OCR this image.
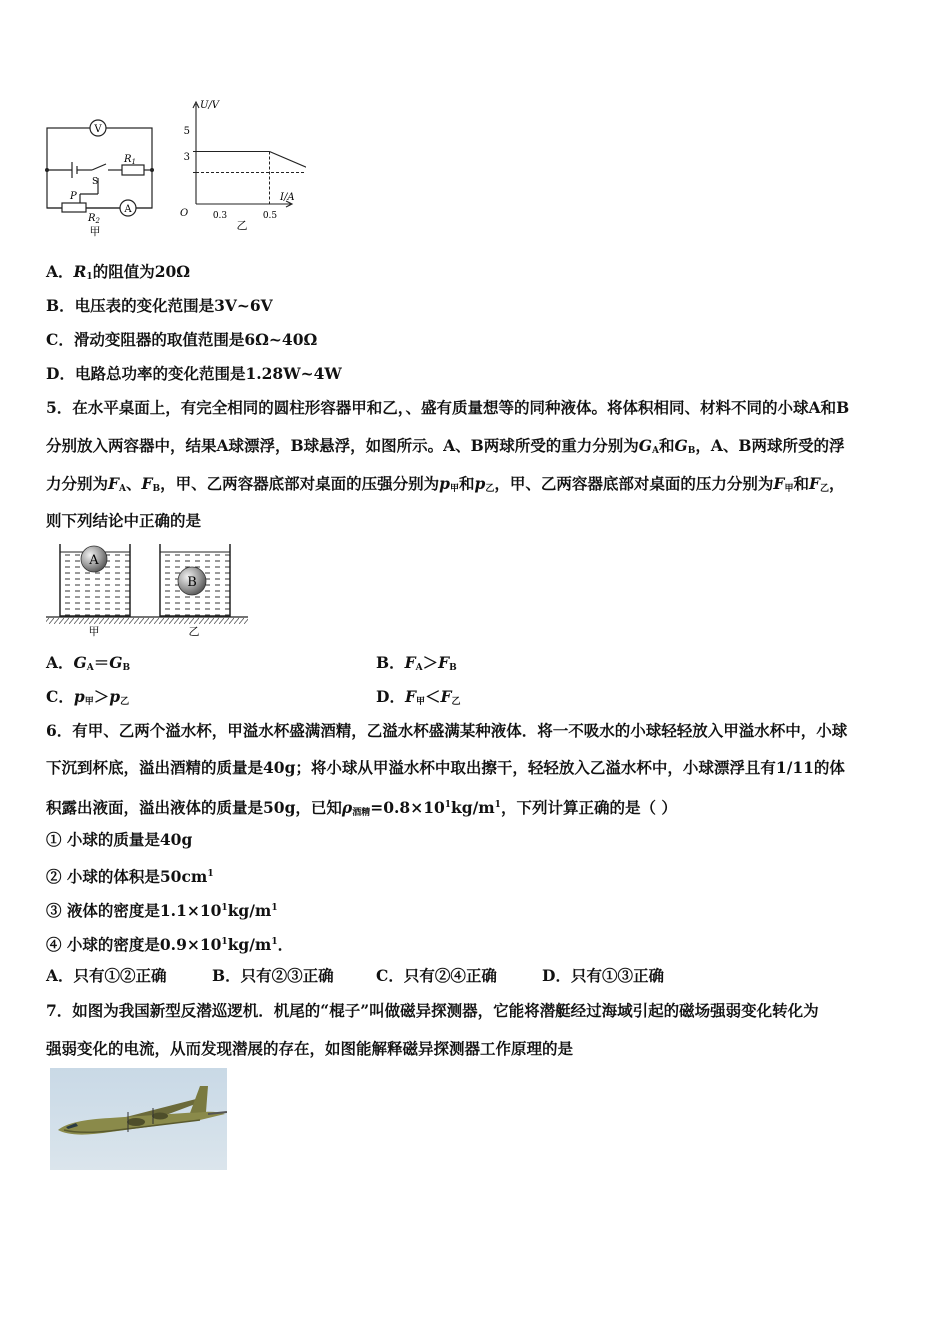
V
A
$R_1$
S
P
$R_2$
甲
U/V
I/A
O
5
3
0.3	0.5
乙
A．$R_1$的阻值为20Ω
B．电压表的变化范围是3V~6V
C．滑动变阻器的取值范围是6Ω~40Ω
D．电路总功率的变化范围是1.28W~4W
5．在水平桌面上，有完全相同的圆柱形容器甲和乙，、盛有质量想等的同种液体。将体积相同、材料不同的小球A和B
分别放入两容器中，结果A球漂浮，B球悬浮，如图所示。A、B两球所受的重力分别为$G_A$和$G_B$，A、B两球所受的浮
力分别为$F_A$、$F_B$，甲、乙两容器底部对桌面的压强分别为$p_甲$和$p_乙$，甲、乙两容器底部对桌面的压力分别为$F_甲$和$F_乙$，
则下列结论中正确的是
A
B
甲	乙
A．$G_A=G_B$	B．$F_A>F_B$
C．$p_甲>p_乙$	D．$F_甲<F_乙$
6．有甲、乙两个溢水杯，甲溢水杯盛满酒精，乙溢水杯盛满某种液体．将一不吸水的小球轻轻放入甲溢水杯中，小球
下沉到杯底，溢出酒精的质量是40g；将小球从甲溢水杯中取出擦干，轻轻放入乙溢水杯中，小球漂浮且有1/11的体
积露出液面，溢出液体的质量是50g，已知$\rho_{酒精}=0.8\times 10^1kg/m^1$，下列计算正确的是（ ）
① 小球的质量是40g
② 小球的体积是$50cm^1$
③ 液体的密度是$1.1\times 10^1kg/m^1$
④ 小球的密度是$0.9\times 10^1kg/m^1$．
A．只有①②正确	B．只有②③正确	C．只有②④正确	D．只有①③正确
7．如图为我国新型反潜巡逻机．机尾的“棍子”叫做磁异探测器，它能将潜艇经过海域引起的磁场强弱变化转化为
强弱变化的电流，从而发现潜展的存在，如图能解释磁异探测器工作原理的是
